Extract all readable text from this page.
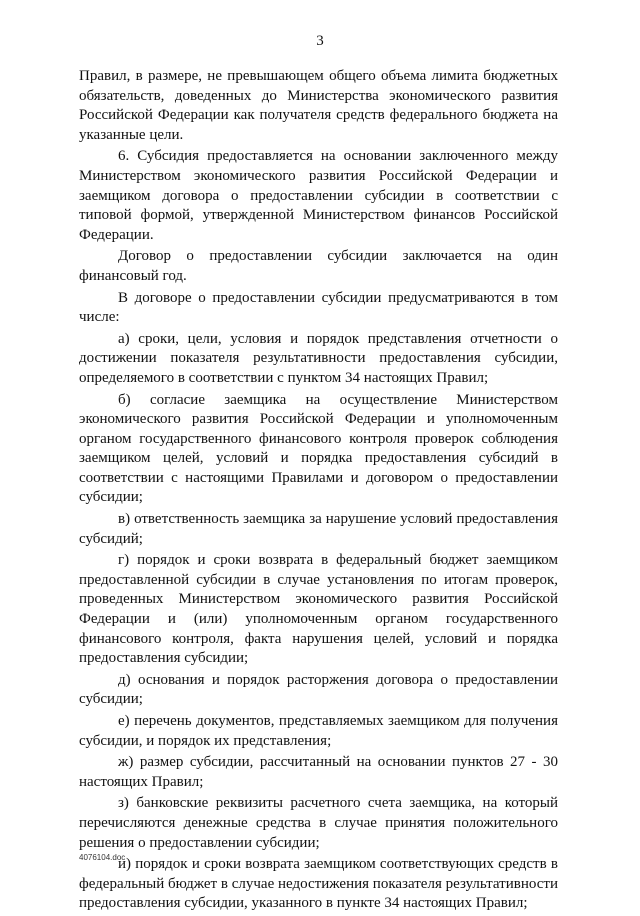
3

Правил, в размере, не превышающем общего объема лимита бюджетных обязательств, доведенных до Министерства экономического развития Российской Федерации как получателя средств федерального бюджета на указанные цели.

6. Субсидия предоставляется на основании заключенного между Министерством экономического развития Российской Федерации и заемщиком договора о предоставлении субсидии в соответствии с типовой формой, утвержденной Министерством финансов Российской Федерации.

Договор о предоставлении субсидии заключается на один финансовый год.

В договоре о предоставлении субсидии предусматриваются в том числе:

а) сроки, цели, условия и порядок представления отчетности о достижении показателя результативности предоставления субсидии, определяемого в соответствии с пунктом 34 настоящих Правил;

б) согласие заемщика на осуществление Министерством экономического развития Российской Федерации и уполномоченным органом государственного финансового контроля проверок соблюдения заемщиком целей, условий и порядка предоставления субсидий в соответствии с настоящими Правилами и договором о предоставлении субсидии;

в) ответственность заемщика за нарушение условий предоставления субсидий;

г) порядок и сроки возврата в федеральный бюджет заемщиком предоставленной субсидии в случае установления по итогам проверок, проведенных Министерством экономического развития Российской Федерации и (или) уполномоченным органом государственного финансового контроля, факта нарушения целей, условий и порядка предоставления субсидии;

д) основания и порядок расторжения договора о предоставлении субсидии;

е) перечень документов, представляемых заемщиком для получения субсидии, и порядок их представления;

ж) размер субсидии, рассчитанный на основании пунктов 27 - 30 настоящих Правил;

з) банковские реквизиты расчетного счета заемщика, на который перечисляются денежные средства в случае принятия положительного решения о предоставлении субсидии;

и) порядок и сроки возврата заемщиком соответствующих средств в федеральный бюджет в случае недостижения показателя результативности предоставления субсидии, указанного в пункте 34 настоящих Правил;

4076104.doc
